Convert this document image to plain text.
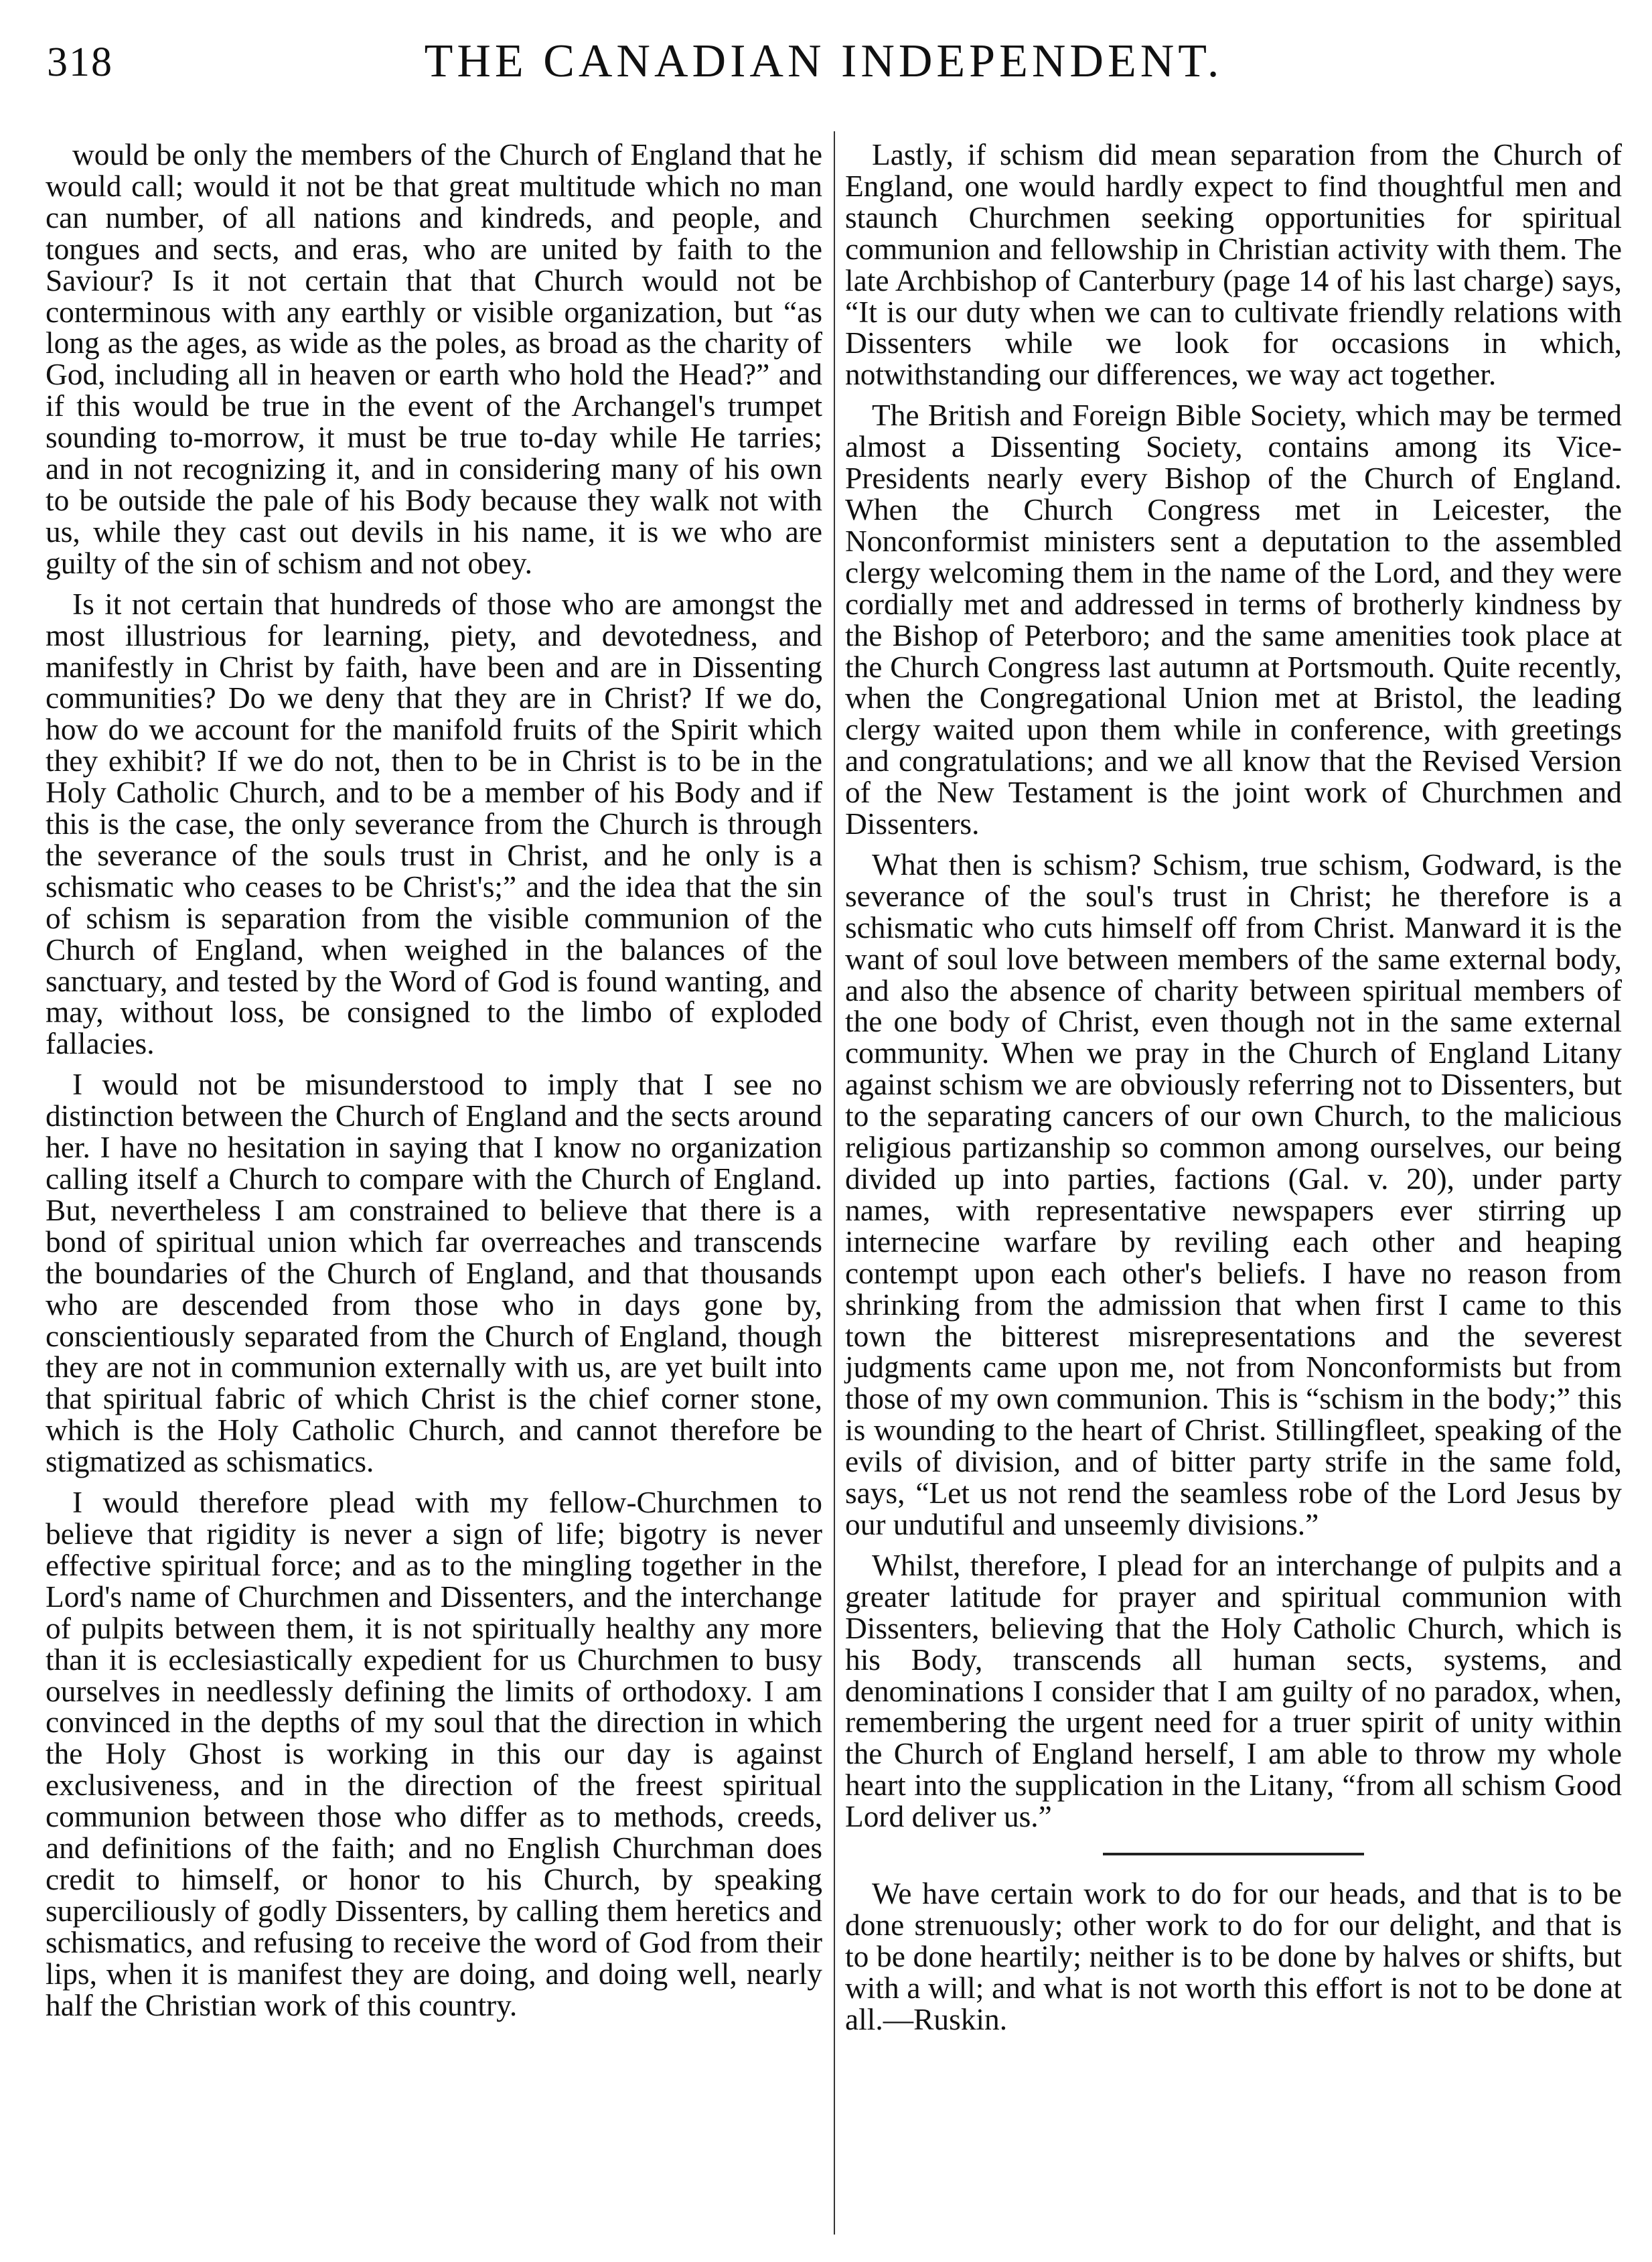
318	THE CANADIAN INDEPENDENT.

would be only the members of the Church of England that he would call; would it not be that great multitude which no man can number, of all nations and kindreds, and people, and tongues and sects, and eras, who are united by faith to the Saviour? Is it not certain that that Church would not be conterminous with any earthly or visible organization, but “as long as the ages, as wide as the poles, as broad as the charity of God, including all in heaven or earth who hold the Head?” and if this would be true in the event of the Archangel's trumpet sounding to-morrow, it must be true to-day while He tarries; and in not recognizing it, and in considering many of his own to be outside the pale of his Body because they walk not with us, while they cast out devils in his name, it is we who are guilty of the sin of schism and not obey.

Is it not certain that hundreds of those who are amongst the most illustrious for learning, piety, and devotedness, and manifestly in Christ by faith, have been and are in Dissenting communities? Do we deny that they are in Christ? If we do, how do we account for the manifold fruits of the Spirit which they exhibit? If we do not, then to be in Christ is to be in the Holy Catholic Church, and to be a member of his Body and if this is the case, the only severance from the Church is through the severance of the souls trust in Christ, and he only is a schismatic who ceases to be Christ's;” and the idea that the sin of schism is separation from the visible communion of the Church of England, when weighed in the balances of the sanctuary, and tested by the Word of God is found wanting, and may, without loss, be consigned to the limbo of exploded fallacies.

I would not be misunderstood to imply that I see no distinction between the Church of England and the sects around her. I have no hesitation in saying that I know no organization calling itself a Church to compare with the Church of England. But, nevertheless I am constrained to believe that there is a bond of spiritual union which far overreaches and transcends the boundaries of the Church of England, and that thousands who are descended from those who in days gone by, conscientiously separated from the Church of England, though they are not in communion externally with us, are yet built into that spiritual fabric of which Christ is the chief corner stone, which is the Holy Catholic Church, and cannot therefore be stigmatized as schismatics.

I would therefore plead with my fellow-Churchmen to believe that rigidity is never a sign of life; bigotry is never effective spiritual force; and as to the mingling together in the Lord's name of Churchmen and Dissenters, and the interchange of pulpits between them, it is not spiritually healthy any more than it is ecclesiastically expedient for us Churchmen to busy ourselves in needlessly defining the limits of orthodoxy. I am convinced in the depths of my soul that the direction in which the Holy Ghost is working in this our day is against exclusiveness, and in the direction of the freest spiritual communion between those who differ as to methods, creeds, and definitions of the faith; and no English Churchman does credit to himself, or honor to his Church, by speaking superciliously of godly Dissenters, by calling them heretics and schismatics, and refusing to receive the word of God from their lips, when it is manifest they are doing, and doing well, nearly half the Christian work of this country.

Lastly, if schism did mean separation from the Church of England, one would hardly expect to find thoughtful men and staunch Churchmen seeking opportunities for spiritual communion and fellowship in Christian activity with them. The late Archbishop of Canterbury (page 14 of his last charge) says, “It is our duty when we can to cultivate friendly relations with Dissenters while we look for occasions in which, notwithstanding our differences, we way act together.

The British and Foreign Bible Society, which may be termed almost a Dissenting Society, contains among its Vice-Presidents nearly every Bishop of the Church of England. When the Church Congress met in Leicester, the Nonconformist ministers sent a deputation to the assembled clergy welcoming them in the name of the Lord, and they were cordially met and addressed in terms of brotherly kindness by the Bishop of Peterboro; and the same amenities took place at the Church Congress last autumn at Portsmouth. Quite recently, when the Congregational Union met at Bristol, the leading clergy waited upon them while in conference, with greetings and congratulations; and we all know that the Revised Version of the New Testament is the joint work of Churchmen and Dissenters.

What then is schism? Schism, true schism, Godward, is the severance of the soul's trust in Christ; he therefore is a schismatic who cuts himself off from Christ. Manward it is the want of soul love between members of the same external body, and also the absence of charity between spiritual members of the one body of Christ, even though not in the same external community. When we pray in the Church of England Litany against schism we are obviously referring not to Dissenters, but to the separating cancers of our own Church, to the malicious religious partizanship so common among ourselves, our being divided up into parties, factions (Gal. v. 20), under party names, with representative newspapers ever stirring up internecine warfare by reviling each other and heaping contempt upon each other's beliefs. I have no reason from shrinking from the admission that when first I came to this town the bitterest misrepresentations and the severest judgments came upon me, not from Nonconformists but from those of my own communion. This is “schism in the body;” this is wounding to the heart of Christ. Stillingfleet, speaking of the evils of division, and of bitter party strife in the same fold, says, “Let us not rend the seamless robe of the Lord Jesus by our undutiful and unseemly divisions.”

Whilst, therefore, I plead for an interchange of pulpits and a greater latitude for prayer and spiritual communion with Dissenters, believing that the Holy Catholic Church, which is his Body, transcends all human sects, systems, and denominations I consider that I am guilty of no paradox, when, remembering the urgent need for a truer spirit of unity within the Church of England herself, I am able to throw my whole heart into the supplication in the Litany, “from all schism Good Lord deliver us.”

We have certain work to do for our heads, and that is to be done strenuously; other work to do for our delight, and that is to be done heartily; neither is to be done by halves or shifts, but with a will; and what is not worth this effort is not to be done at all.—Ruskin.
